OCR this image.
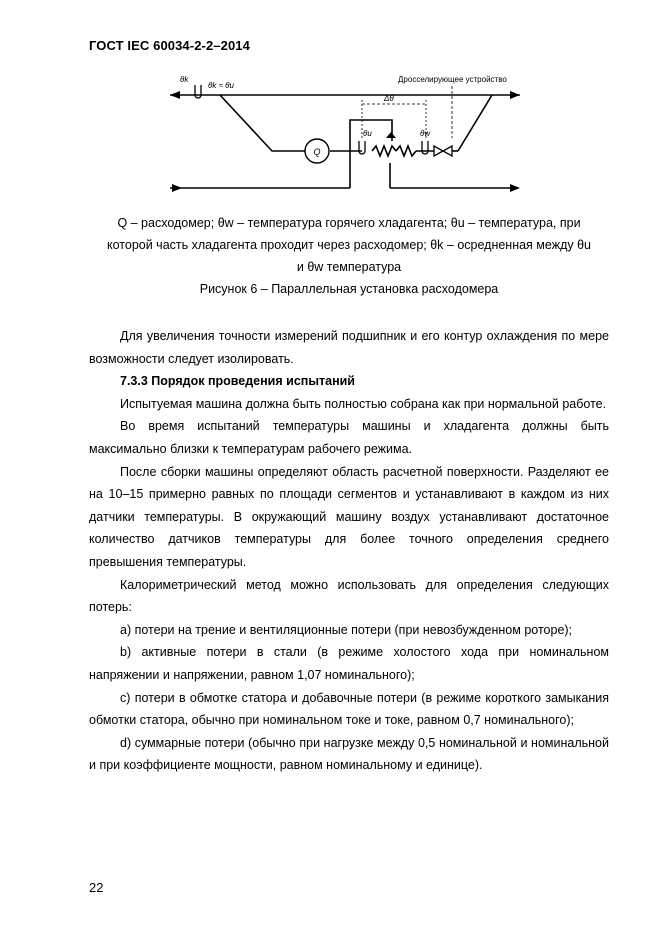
ГОСТ IEC 60034-2-2–2014
Q
θk
θk ≈ θu
Дросселирующее устройство
Δθ
θu	θw
Q – расходомер; θw – температура горячего хладагента; θu – температура, при
которой часть хладагента проходит через расходомер; θk – осредненная между θu
и θw температура
Рисунок 6 – Параллельная установка расходомера

Для увеличения точности измерений подшипник и его контур охлаждения по мере возможности следует изолировать.

7.3.3 Порядок проведения испытаний

Испытуемая машина должна быть полностью собрана как при нормальной работе.

Во время испытаний температуры машины и хладагента должны быть максимально близки к температурам рабочего режима.

После сборки машины определяют область расчетной поверхности. Разделяют ее на 10–15 примерно равных по площади сегментов и устанавливают в каждом из них датчики температуры. В окружающий машину воздух устанавливают достаточное количество датчиков температуры для более точного определения среднего превышения температуры.

Калориметрический метод можно использовать для определения следующих потерь:

а) потери на трение и вентиляционные потери (при невозбужденном роторе);

b) активные потери в стали (в режиме холостого хода при номинальном напряжении и напряжении, равном 1,07 номинального);

c) потери в обмотке статора и добавочные потери (в режиме короткого замыкания обмотки статора, обычно при номинальном токе и токе, равном 0,7 номинального);

d) суммарные потери (обычно при нагрузке между 0,5 номинальной и номинальной и при коэффициенте мощности, равном номинальному и единице).

22
